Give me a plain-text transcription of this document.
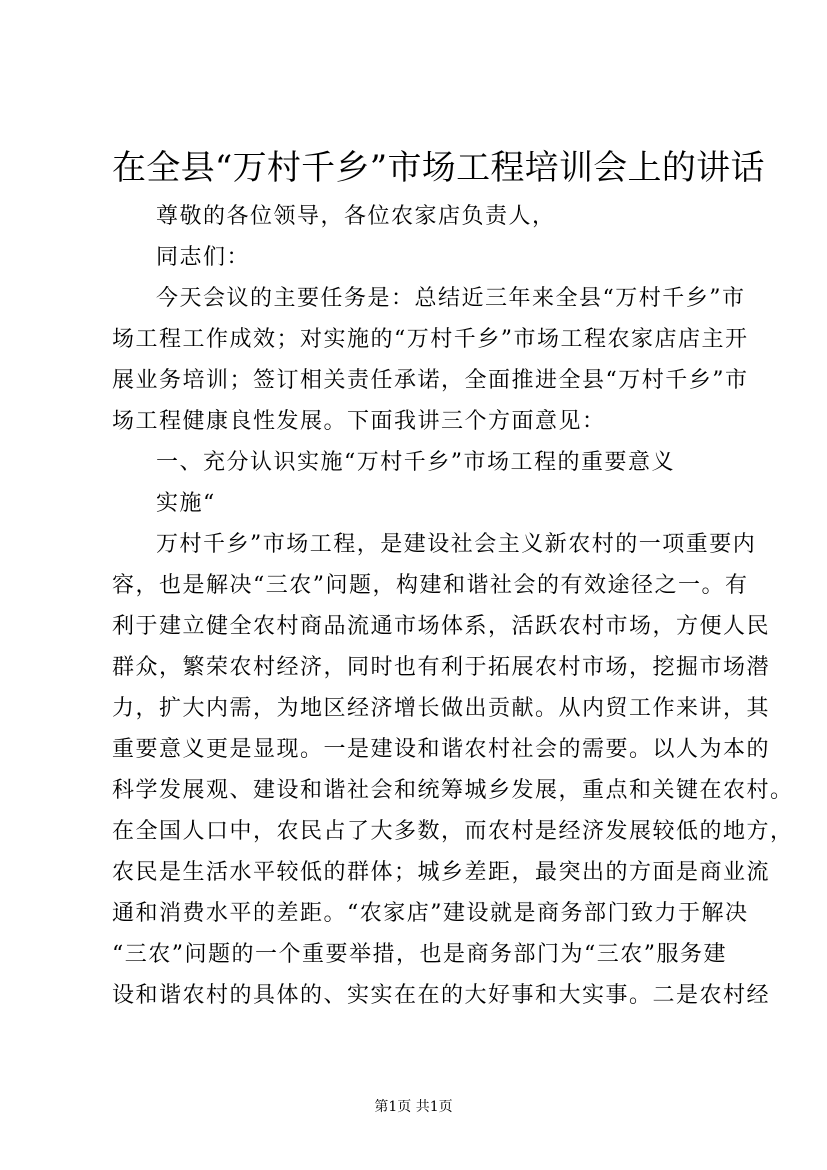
在全县“万村千乡”市场工程培训会上的讲话
尊敬的各位领导，各位农家店负责人，
同志们：
今天会议的主要任务是：总结近三年来全县“万村千乡”市
场工程工作成效；对实施的“万村千乡”市场工程农家店店主开
展业务培训；签订相关责任承诺，全面推进全县“万村千乡”市
场工程健康良性发展。下面我讲三个方面意见：
一、充分认识实施“万村千乡”市场工程的重要意义
实施“
万村千乡”市场工程，是建设社会主义新农村的一项重要内
容，也是解决“三农”问题，构建和谐社会的有效途径之一。有
利于建立健全农村商品流通市场体系，活跃农村市场，方便人民
群众，繁荣农村经济，同时也有利于拓展农村市场，挖掘市场潜
力，扩大内需，为地区经济增长做出贡献。从内贸工作来讲，其
重要意义更是显现。一是建设和谐农村社会的需要。以人为本的
科学发展观、建设和谐社会和统筹城乡发展，重点和关键在农村。
在全国人口中，农民占了大多数，而农村是经济发展较低的地方，
农民是生活水平较低的群体；城乡差距，最突出的方面是商业流
通和消费水平的差距。“农家店”建设就是商务部门致力于解决
“三农”问题的一个重要举措，也是商务部门为“三农”服务建
设和谐农村的具体的、实实在在的大好事和大实事。二是农村经
第1页 共1页
